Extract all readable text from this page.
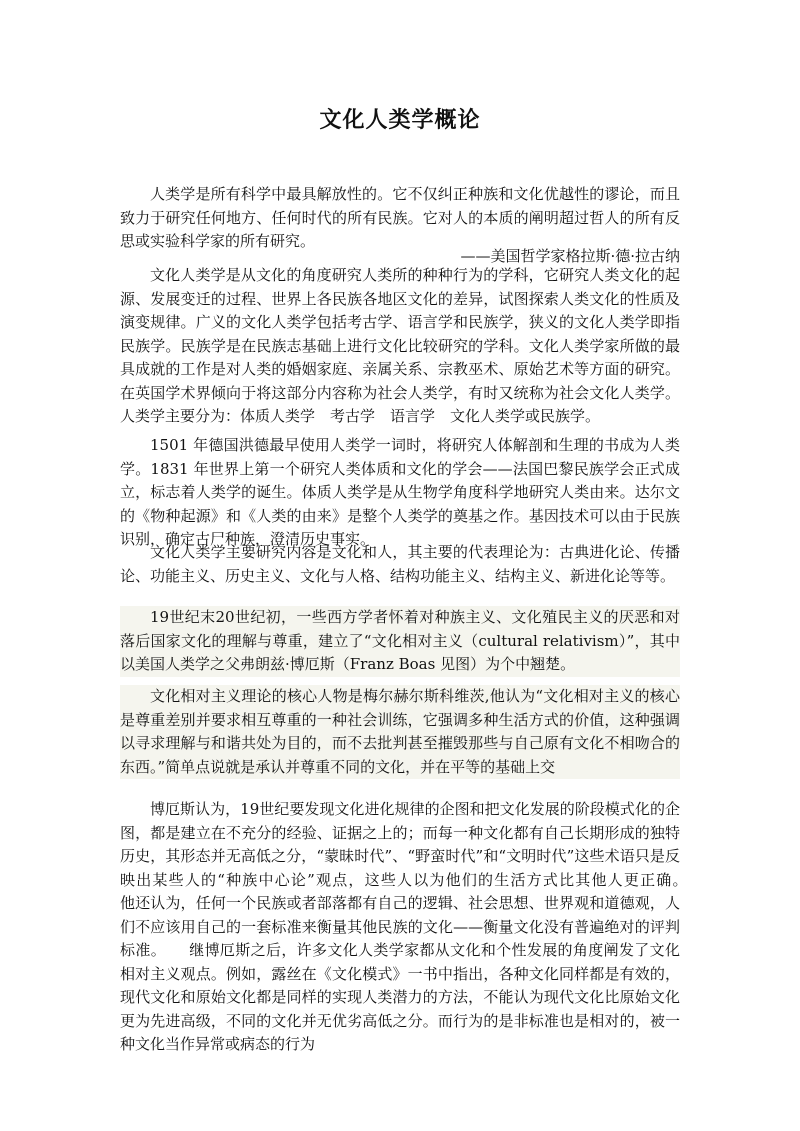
文化人类学概论

人类学是所有科学中最具解放性的。它不仅纠正种族和文化优越性的谬论，而且致力于研究任何地方、任何时代的所有民族。它对人的本质的阐明超过哲人的所有反思或实验科学家的所有研究。

——美国哲学家格拉斯·德·拉古纳

文化人类学是从文化的角度研究人类所的种种行为的学科，它研究人类文化的起源、发展变迁的过程、世界上各民族各地区文化的差异，试图探索人类文化的性质及演变规律。广义的文化人类学包括考古学、语言学和民族学，狭义的文化人类学即指民族学。民族学是在民族志基础上进行文化比较研究的学科。文化人类学家所做的最具成就的工作是对人类的婚姻家庭、亲属关系、宗教巫术、原始艺术等方面的研究。在英国学术界倾向于将这部分内容称为社会人类学，有时又统称为社会文化人类学。人类学主要分为：体质人类学　考古学　语言学　文化人类学或民族学。

1501 年德国洪德最早使用人类学一词时，将研究人体解剖和生理的书成为人类学。1831 年世界上第一个研究人类体质和文化的学会——法国巴黎民族学会正式成立，标志着人类学的诞生。体质人类学是从生物学角度科学地研究人类由来。达尔文的《物种起源》和《人类的由来》是整个人类学的奠基之作。基因技术可以由于民族识别，确定古尸种族，澄清历史事实。

文化人类学主要研究内容是文化和人，其主要的代表理论为：古典进化论、传播论、功能主义、历史主义、文化与人格、结构功能主义、结构主义、新进化论等等。

19世纪末20世纪初，一些西方学者怀着对种族主义、文化殖民主义的厌恶和对落后国家文化的理解与尊重，建立了“文化相对主义（cultural relativism）”，其中以美国人类学之父弗朗兹·博厄斯（Franz Boas 见图）为个中翘楚。

文化相对主义理论的核心人物是梅尔赫尔斯科维茨,他认为“文化相对主义的核心是尊重差别并要求相互尊重的一种社会训练，它强调多种生活方式的价值，这种强调以寻求理解与和谐共处为目的，而不去批判甚至摧毁那些与自己原有文化不相吻合的东西。”简单点说就是承认并尊重不同的文化，并在平等的基础上交

博厄斯认为，19世纪要发现文化进化规律的企图和把文化发展的阶段模式化的企图，都是建立在不充分的经验、证据之上的；而每一种文化都有自己长期形成的独特历史，其形态并无高低之分，“蒙昧时代”、“野蛮时代”和“文明时代”这些术语只是反映出某些人的“种族中心论”观点，这些人以为他们的生活方式比其他人更正确。　　他还认为，任何一个民族或者部落都有自己的逻辑、社会思想、世界观和道德观，人们不应该用自己的一套标准来衡量其他民族的文化——衡量文化没有普遍绝对的评判标准。　　继博厄斯之后，许多文化人类学家都从文化和个性发展的角度阐发了文化相对主义观点。例如，露丝在《文化模式》一书中指出，各种文化同样都是有效的，现代文化和原始文化都是同样的实现人类潜力的方法，不能认为现代文化比原始文化更为先进高级，不同的文化并无优劣高低之分。而行为的是非标准也是相对的，被一种文化当作异常或病态的行为
